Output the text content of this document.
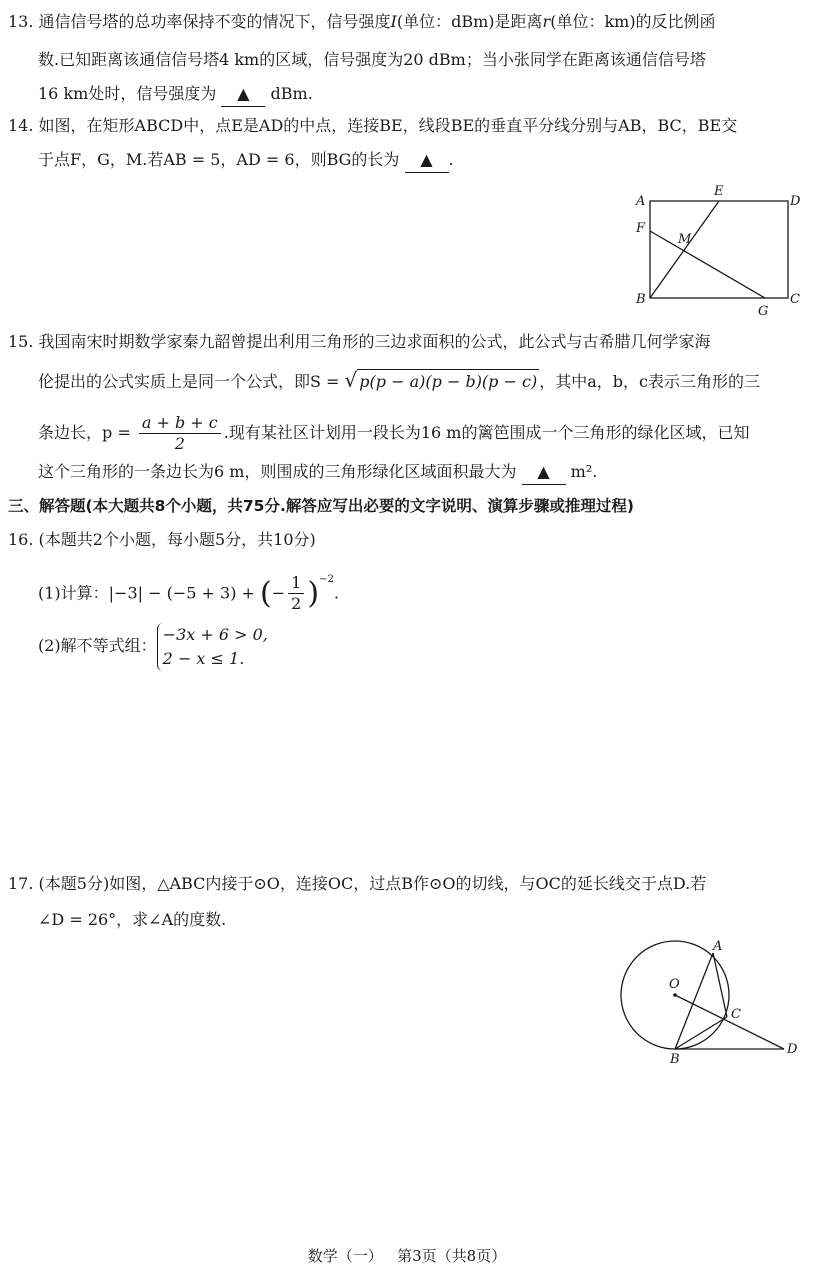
13. 通信信号塔的总功率保持不变的情况下，信号强度I(单位：dBm)是距离r(单位：km)的反比例函
数.已知距离该通信信号塔4 km的区域，信号强度为20 dBm；当小张同学在距离该通信信号塔
16 km处时，信号强度为 ▲ dBm.
14. 如图，在矩形ABCD中，点E是AD的中点，连接BE，线段BE的垂直平分线分别与AB，BC，BE交
于点F，G，M.若AB = 5，AD = 6，则BG的长为 ▲ .
A
E
D
F
M
B
G
C
15. 我国南宋时期数学家秦九韶曾提出利用三角形的三边求面积的公式，此公式与古希腊几何学家海
伦提出的公式实质上是同一个公式，即S = √ p(p − a)(p − b)(p − c) ，其中a，b，c表示三角形的三
条边长，$p = \frac{a + b + c}{2}$ .现有某社区计划用一段长为16 m的篱笆围成一个三角形的绿化区域，已知
这个三角形的一条边长为6 m，则围成的三角形绿化区域面积最大为 ▲ m².
三、解答题(本大题共8个小题，共75分.解答应写出必要的文字说明、演算步骤或推理过程)
16. (本题共2个小题，每小题5分，共10分)
(1)计算：|−3| − (−5 + 3) + (− $\frac{1}{2} )^{-2}$.
(2)解不等式组：
−3x + 6 > 0,
2 − x ≤ 1.
17. (本题5分)如图，△ABC内接于⊙O，连接OC，过点B作⊙O的切线，与OC的延长线交于点D.若
∠D = 26°，求∠A的度数.
A
O
C
B
D
数学（一）   第3页（共8页）
